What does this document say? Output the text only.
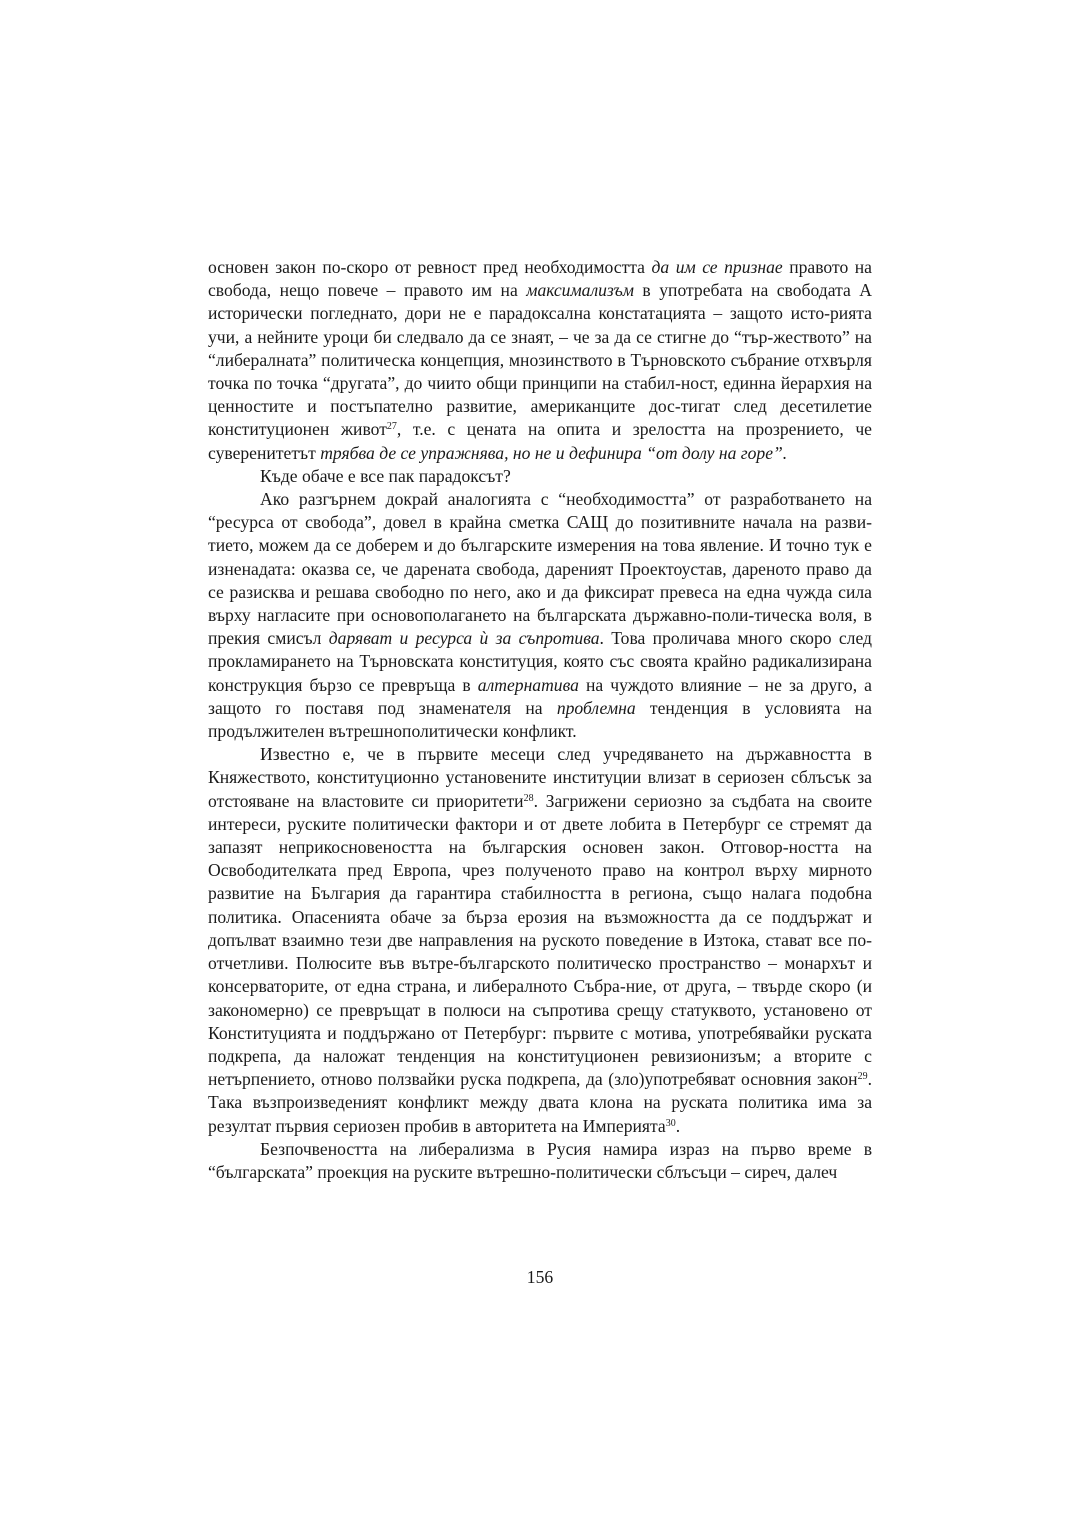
основен закон по-скоро от ревност пред необходимостта да им се признае правото на свобода, нещо повече – правото им на максимализъм в употребата на свободата А исторически погледнато, дори не е парадоксална констатацията – защото исто-рията учи, а нейните уроци би следвало да се знаят, – че за да се стигне до “тър-жеството” на “либералната” политическа концепция, мнозинството в Търновското събрание отхвърля точка по точка “другата”, до чиито общи принципи на стабил-ност, единна йерархия на ценностите и постъпателно развитие, американците дос-тигат след десетилетие конституционен живот$^{27}$, т.е. с цената на опита и зрелостта на прозрението, че суверенитетът трябва де се упражнява, но не и дефинира “от долу на горе”.

Къде обаче е все пак парадоксът?

Ако разгърнем докрай аналогията с “необходимостта” от разработването на “ресурса от свобода”, довел в крайна сметка САЩ до позитивните начала на разви-тието, можем да се доберем и до българските измерения на това явление. И точно тук е изненадата: оказва се, че дарената свобода, дареният Проектоустав, дареното право да се разисква и решава свободно по него, ако и да фиксират превеса на една чужда сила върху нагласите при основополагането на българската държавно-поли-тическа воля, в прекия смисъл даряват и ресурса ѝ за съпротива. Това проличава много скоро след прокламирането на Търновската конституция, която със своята крайно радикализирана конструкция бързо се превръща в алтернатива на чуждото влияние – не за друго, а защото го поставя под знаменателя на проблемна тенденция в условията на продължителен вътрешнополитически конфликт.

Известно е, че в първите месеци след учредяването на държавността в Княжеството, конституционно установените институции влизат в сериозен сблъсък за отстояване на властовите си приоритети$^{28}$. Загрижени сериозно за съдбата на своите интереси, руските политически фактори и от двете лобита в Петербург се стремят да запазят неприкосновеността на българския основен закон. Отговор-ността на Освободителката пред Европа, чрез полученото право на контрол върху мирното развитие на България да гарантира стабилността в региона, също налага подобна политика. Опасенията обаче за бърза ерозия на възможността да се поддържат и допълват взаимно тези две направления на руското поведение в Изтока, стават все по-отчетливи. Полюсите във вътре-българското политическо пространство – монархът и консерваторите, от една страна, и либералното Събра-ние, от друга, – твърде скоро (и закономерно) се превръщат в полюси на съпротива срещу статуквото, установено от Конституцията и поддържано от Петербург: първите с мотива, употребявайки руската подкрепа, да наложат тенденция на конституционен ревизионизъм; а вторите с нетърпението, отново ползвайки руска подкрепа, да (зло)употребяват основния закон$^{29}$. Така възпроизведеният конфликт между двата клона на руската политика има за резултат първия сериозен пробив в авторитета на Империята$^{30}$.

Безпочвеността на либерализма в Русия намира израз на първо време в “българската” проекция на руските вътрешно-политически сблъсъци – сиреч, далеч

156
